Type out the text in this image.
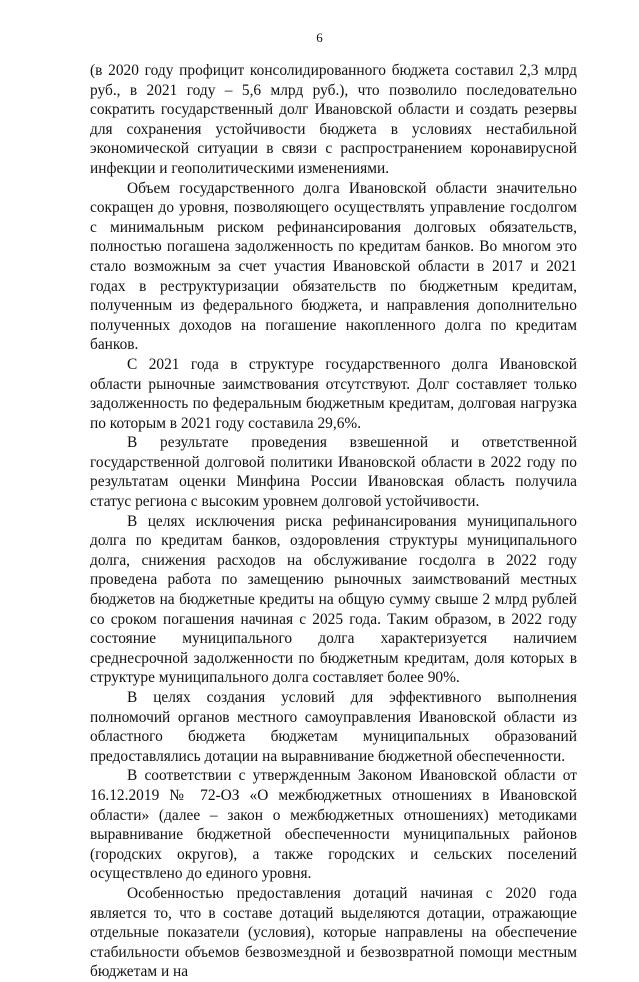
6

(в 2020 году профицит консолидированного бюджета составил 2,3 млрд руб., в 2021 году – 5,6 млрд руб.), что позволило последовательно сократить государственный долг Ивановской области и создать резервы для сохранения устойчивости бюджета в условиях нестабильной экономической ситуации в связи с распространением коронавирусной инфекции и геополитическими изменениями.

Объем государственного долга Ивановской области значительно сокращен до уровня, позволяющего осуществлять управление госдолгом с минимальным риском рефинансирования долговых обязательств, полностью погашена задолженность по кредитам банков. Во многом это стало возможным за счет участия Ивановской области в 2017 и 2021 годах в реструктуризации обязательств по бюджетным кредитам, полученным из федерального бюджета, и направления дополнительно полученных доходов на погашение накопленного долга по кредитам банков.

С 2021 года в структуре государственного долга Ивановской области рыночные заимствования отсутствуют. Долг составляет только задолженность по федеральным бюджетным кредитам, долговая нагрузка по которым в 2021 году составила 29,6%.

В результате проведения взвешенной и ответственной государственной долговой политики Ивановской области в 2022 году по результатам оценки Минфина России Ивановская область получила статус региона с высоким уровнем долговой устойчивости.

В целях исключения риска рефинансирования муниципального долга по кредитам банков, оздоровления структуры муниципального долга, снижения расходов на обслуживание госдолга в 2022 году проведена работа по замещению рыночных заимствований местных бюджетов на бюджетные кредиты на общую сумму свыше 2 млрд рублей со сроком погашения начиная с 2025 года. Таким образом, в 2022 году состояние муниципального долга характеризуется наличием среднесрочной задолженности по бюджетным кредитам, доля которых в структуре муниципального долга составляет более 90%.

В целях создания условий для эффективного выполнения полномочий органов местного самоуправления Ивановской области из областного бюджета бюджетам муниципальных образований предоставлялись дотации на выравнивание бюджетной обеспеченности.

В соответствии с утвержденным Законом Ивановской области от 16.12.2019 № 72-ОЗ «О межбюджетных отношениях в Ивановской области» (далее – закон о межбюджетных отношениях) методиками выравнивание бюджетной обеспеченности муниципальных районов (городских округов), а также городских и сельских поселений осуществлено до единого уровня.

Особенностью предоставления дотаций начиная с 2020 года является то, что в составе дотаций выделяются дотации, отражающие отдельные показатели (условия), которые направлены на обеспечение стабильности объемов безвозмездной и безвозвратной помощи местным бюджетам и на
